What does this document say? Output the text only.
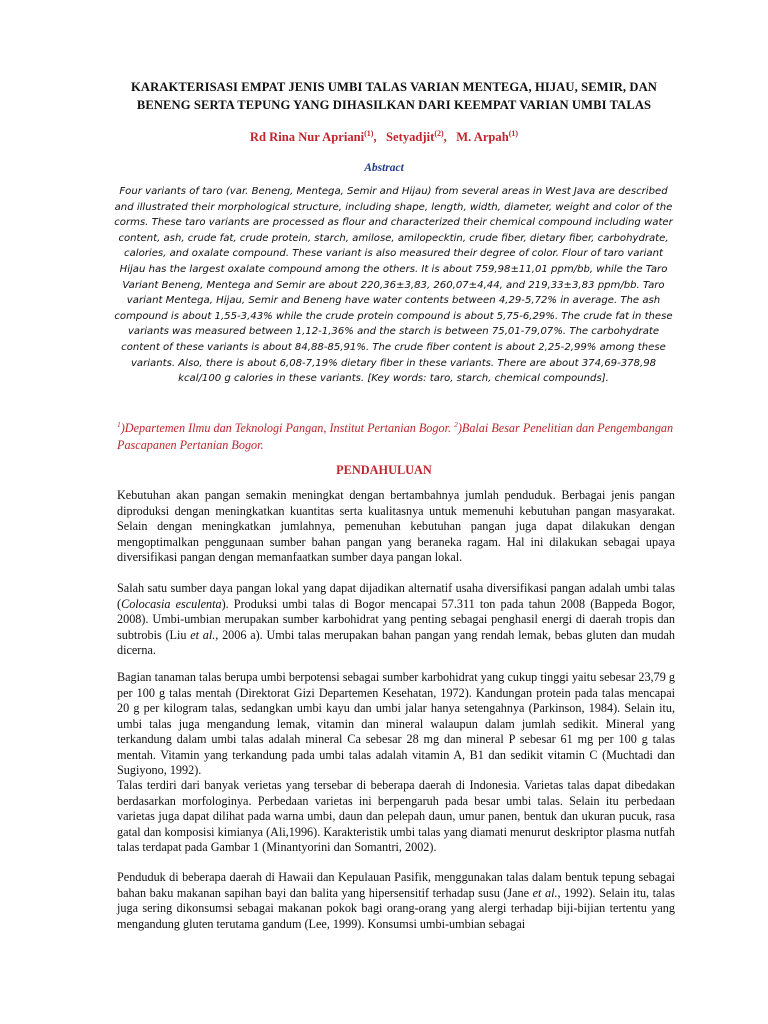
KARAKTERISASI EMPAT JENIS UMBI TALAS VARIAN MENTEGA, HIJAU, SEMIR, DAN BENENG SERTA TEPUNG YANG DIHASILKAN DARI KEEMPAT VARIAN UMBI TALAS
Rd Rina Nur Apriani$^{(1)}$,   Setyadjit$^{(2)}$,   M. Arpah$^{(1)}$
Abstract
Four variants of taro (var. Beneng, Mentega, Semir and Hijau) from several areas in West Java are described and illustrated their morphological structure, including shape, length, width, diameter, weight and color of the corms. These taro variants are processed as flour and characterized their chemical compound including water content, ash, crude fat, crude protein, starch, amilose, amilopecktin, crude fiber, dietary fiber, carbohydrate, calories, and oxalate compound. These variant is also measured their degree of color. Flour of taro variant Hijau has the largest oxalate compound among the others. It is about 759,98±11,01 ppm/bb, while the Taro Variant Beneng, Mentega and Semir are about 220,36±3,83, 260,07±4,44, and 219,33±3,83 ppm/bb. Taro variant Mentega, Hijau, Semir and Beneng have water contents between 4,29-5,72% in average. The ash compound is about 1,55-3,43% while the crude protein compound is about 5,75-6,29%. The crude fat in these variants was measured between 1,12-1,36% and the starch is between 75,01-79,07%. The carbohydrate content of these variants is about 84,88-85,91%. The crude fiber content is about 2,25-2,99% among these variants. Also, there is about 6,08-7,19% dietary fiber in these variants. There are about 374,69-378,98 kcal/100 g calories in these variants. [Key words: taro, starch, chemical compounds].
$^1$)Departemen Ilmu dan Teknologi Pangan, Institut Pertanian Bogor. $^2$)Balai Besar Penelitian dan Pengembangan Pascapanen Pertanian Bogor.
PENDAHULUAN

Kebutuhan akan pangan semakin meningkat dengan bertambahnya jumlah penduduk. Berbagai jenis pangan diproduksi dengan meningkatkan kuantitas serta kualitasnya untuk memenuhi kebutuhan pangan masyarakat. Selain dengan meningkatkan jumlahnya, pemenuhan kebutuhan pangan juga dapat dilakukan dengan mengoptimalkan penggunaan sumber bahan pangan yang beraneka ragam. Hal ini dilakukan sebagai upaya diversifikasi pangan dengan memanfaatkan sumber daya pangan lokal.

Salah satu sumber daya pangan lokal yang dapat dijadikan alternatif usaha diversifikasi pangan adalah umbi talas (Colocasia esculenta). Produksi umbi talas di Bogor mencapai 57.311 ton pada tahun 2008 (Bappeda Bogor, 2008). Umbi-umbian merupakan sumber karbohidrat yang penting sebagai penghasil energi di daerah tropis dan subtrobis (Liu et al., 2006 a). Umbi talas merupakan bahan pangan yang rendah lemak, bebas gluten dan mudah dicerna.

Bagian tanaman talas berupa umbi berpotensi sebagai sumber karbohidrat yang cukup tinggi yaitu sebesar 23,79 g per 100 g talas mentah (Direktorat Gizi Departemen Kesehatan, 1972). Kandungan protein pada talas mencapai 20 g per kilogram talas, sedangkan umbi kayu dan umbi jalar hanya setengahnya (Parkinson, 1984). Selain itu, umbi talas juga mengandung lemak, vitamin dan mineral walaupun dalam jumlah sedikit. Mineral yang terkandung dalam umbi talas adalah mineral Ca sebesar 28 mg dan mineral P sebesar 61 mg per 100 g talas mentah. Vitamin yang terkandung pada umbi talas adalah vitamin A, B1 dan sedikit vitamin C (Muchtadi dan Sugiyono, 1992).

Talas terdiri dari banyak verietas yang tersebar di beberapa daerah di Indonesia. Varietas talas dapat dibedakan berdasarkan morfologinya. Perbedaan varietas ini berpengaruh pada besar umbi talas. Selain itu perbedaan varietas juga dapat dilihat pada warna umbi, daun dan pelepah daun, umur panen, bentuk dan ukuran pucuk, rasa gatal dan komposisi kimianya (Ali,1996). Karakteristik umbi talas yang diamati menurut deskriptor plasma nutfah talas terdapat pada Gambar 1 (Minantyorini dan Somantri, 2002).

Penduduk di beberapa daerah di Hawaii dan Kepulauan Pasifik, menggunakan talas dalam bentuk tepung sebagai bahan baku makanan sapihan bayi dan balita yang hipersensitif terhadap susu (Jane et al., 1992). Selain itu, talas juga sering dikonsumsi sebagai makanan pokok bagi orang-orang yang alergi terhadap biji-bijian tertentu yang mengandung gluten terutama gandum (Lee, 1999). Konsumsi umbi-umbian sebagai
